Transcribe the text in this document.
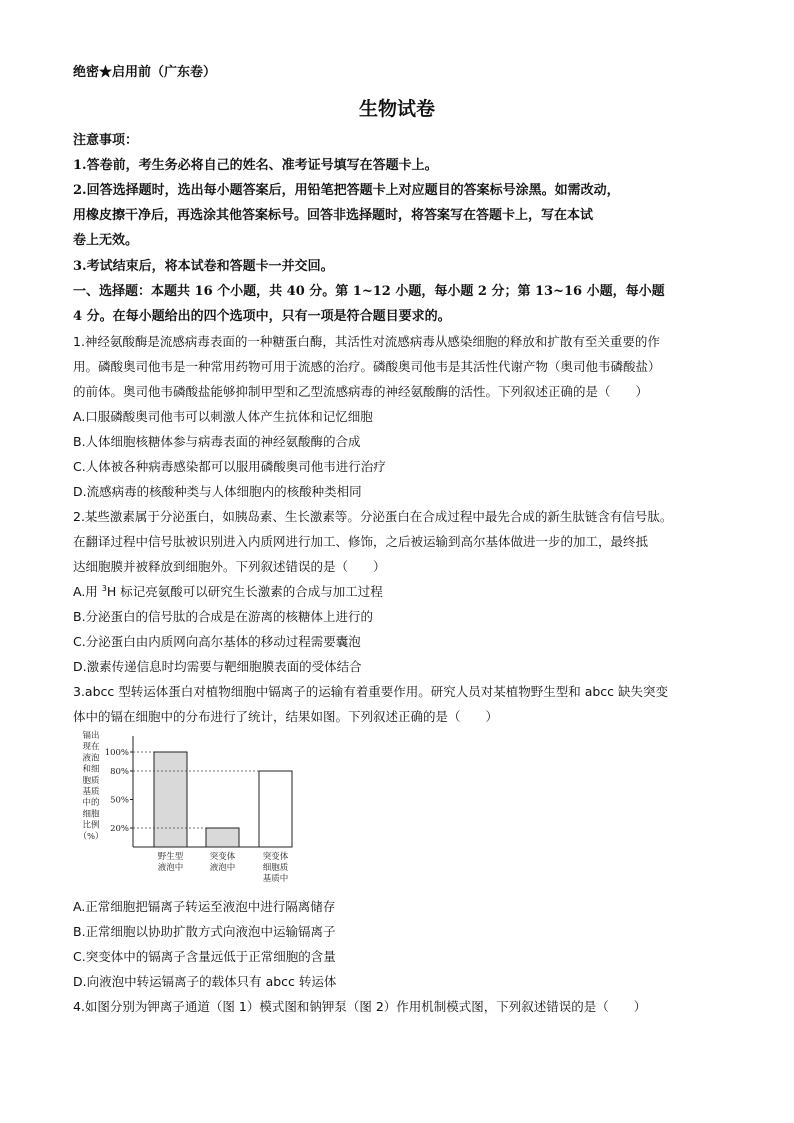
绝密★启用前（广东卷）
生物试卷
注意事项：
1.答卷前，考生务必将自己的姓名、准考证号填写在答题卡上。
2.回答选择题时，选出每小题答案后，用铅笔把答题卡上对应题目的答案标号涂黑。如需改动，
用橡皮擦干净后，再选涂其他答案标号。回答非选择题时，将答案写在答题卡上，写在本试
卷上无效。
3.考试结束后，将本试卷和答题卡一并交回。
一、选择题：本题共 16 个小题，共 40 分。第 1~12 小题，每小题 2 分；第 13~16 小题，每小题
4 分。在每小题给出的四个选项中，只有一项是符合题目要求的。
1.神经氨酸酶是流感病毒表面的一种糖蛋白酶，其活性对流感病毒从感染细胞的释放和扩散有至关重要的作
用。磷酸奥司他韦是一种常用药物可用于流感的治疗。磷酸奥司他韦是其活性代谢产物（奥司他韦磷酸盐）
的前体。奥司他韦磷酸盐能够抑制甲型和乙型流感病毒的神经氨酸酶的活性。下列叙述正确的是（　　）
A.口服磷酸奥司他韦可以刺激人体产生抗体和记忆细胞
B.人体细胞核糖体参与病毒表面的神经氨酸酶的合成
C.人体被各种病毒感染都可以服用磷酸奥司他韦进行治疗
D.流感病毒的核酸种类与人体细胞内的核酸种类相同
2.某些激素属于分泌蛋白，如胰岛素、生长激素等。分泌蛋白在合成过程中最先合成的新生肽链含有信号肽。
在翻译过程中信号肽被识别进入内质网进行加工、修饰，之后被运输到高尔基体做进一步的加工，最终抵
达细胞膜并被释放到细胞外。下列叙述错误的是（　　）
A.用 $^3$H 标记亮氨酸可以研究生长激素的合成与加工过程
B.分泌蛋白的信号肽的合成是在游离的核糖体上进行的
C.分泌蛋白由内质网向高尔基体的移动过程需要囊泡
D.激素传递信息时均需要与靶细胞膜表面的受体结合
3.abcc 型转运体蛋白对植物细胞中镉离子的运输有着重要作用。研究人员对某植物野生型和 abcc 缺失突变
体中的镉在细胞中的分布进行了统计，结果如图。下列叙述正确的是（　　）
镉出
现在
液泡
和细
胞质
基质
中的
细胞
比例
（%）
20%
50%
80%
100%
野生型
液泡中
突变体
液泡中
突变体
细胞质
基质中
A.正常细胞把镉离子转运至液泡中进行隔离储存
B.正常细胞以协助扩散方式向液泡中运输镉离子
C.突变体中的镉离子含量远低于正常细胞的含量
D.向液泡中转运镉离子的载体只有 abcc 转运体
4.如图分别为钾离子通道（图 1）模式图和钠钾泵（图 2）作用机制模式图，下列叙述错误的是（　　）
